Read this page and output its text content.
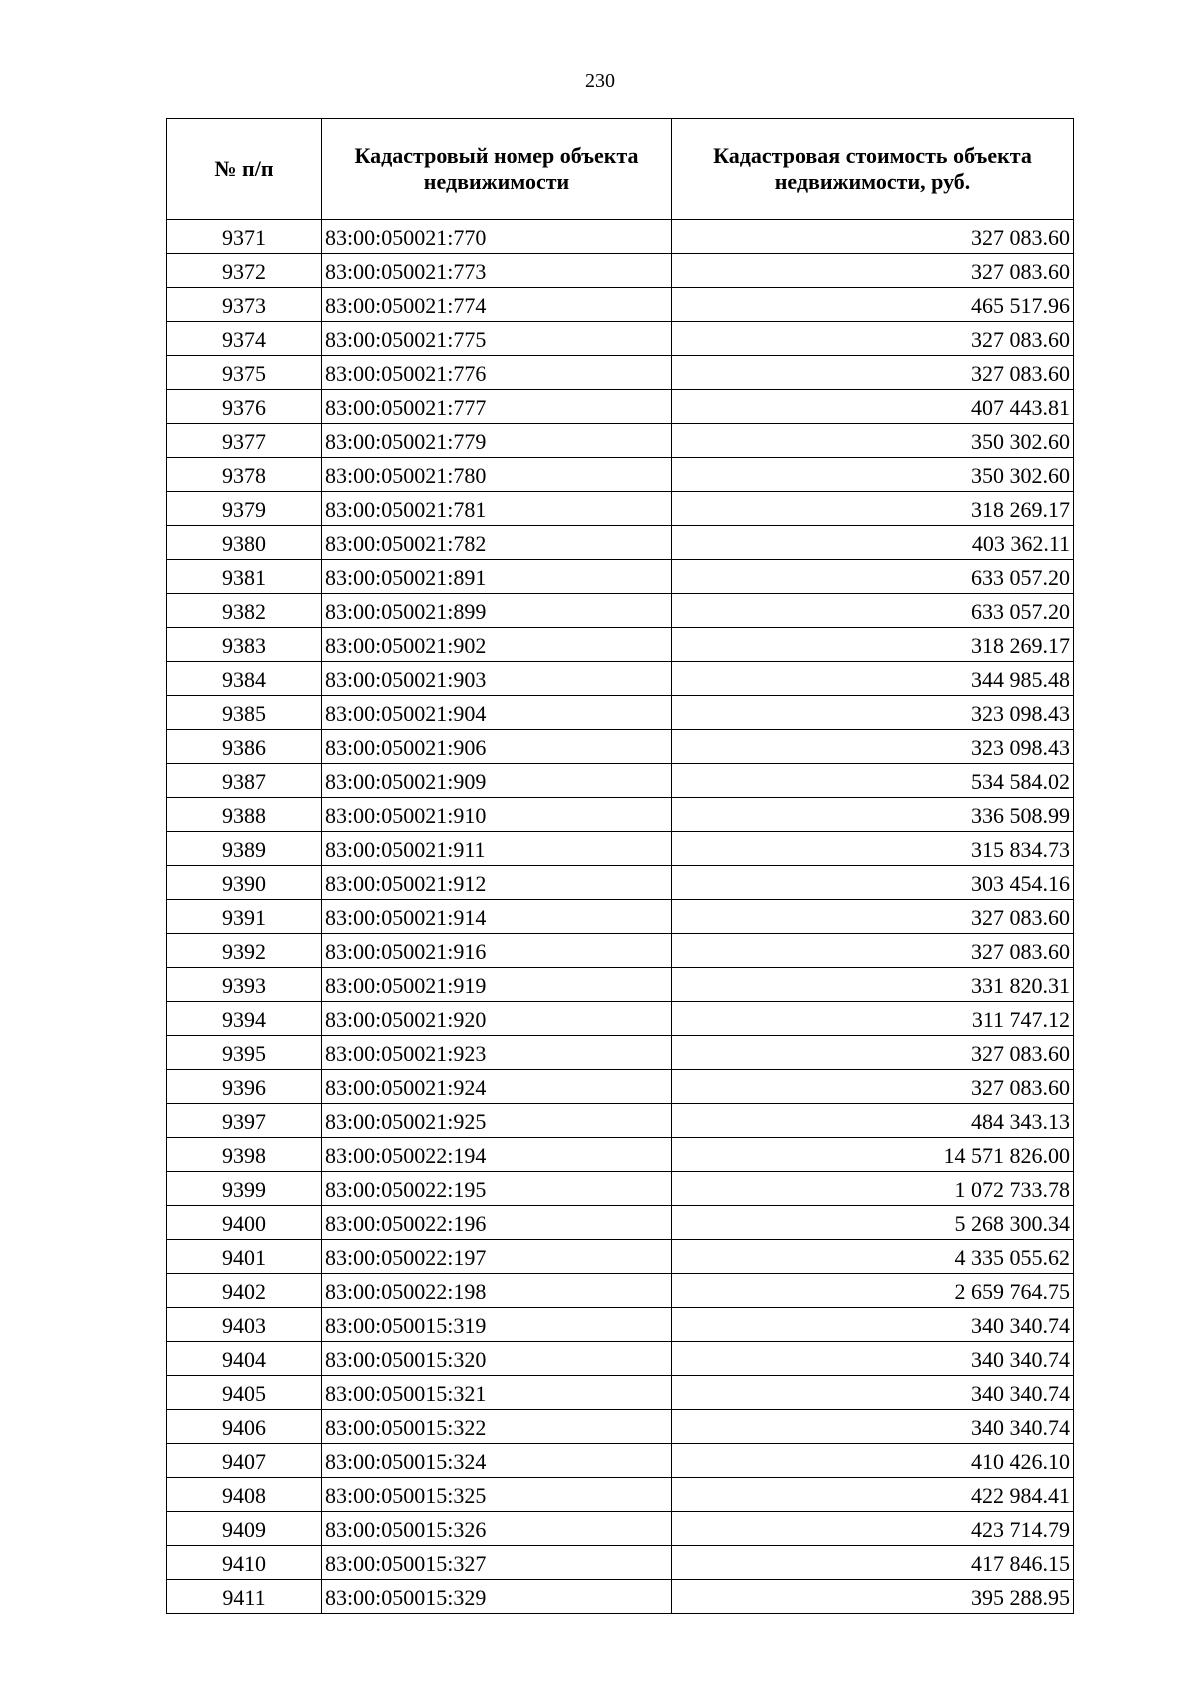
230
№ п/п	Кадастровый номер объекта недвижимости	Кадастровая стоимость объекта недвижимости, руб.
9371	83:00:050021:770	327 083.60
9372	83:00:050021:773	327 083.60
9373	83:00:050021:774	465 517.96
9374	83:00:050021:775	327 083.60
9375	83:00:050021:776	327 083.60
9376	83:00:050021:777	407 443.81
9377	83:00:050021:779	350 302.60
9378	83:00:050021:780	350 302.60
9379	83:00:050021:781	318 269.17
9380	83:00:050021:782	403 362.11
9381	83:00:050021:891	633 057.20
9382	83:00:050021:899	633 057.20
9383	83:00:050021:902	318 269.17
9384	83:00:050021:903	344 985.48
9385	83:00:050021:904	323 098.43
9386	83:00:050021:906	323 098.43
9387	83:00:050021:909	534 584.02
9388	83:00:050021:910	336 508.99
9389	83:00:050021:911	315 834.73
9390	83:00:050021:912	303 454.16
9391	83:00:050021:914	327 083.60
9392	83:00:050021:916	327 083.60
9393	83:00:050021:919	331 820.31
9394	83:00:050021:920	311 747.12
9395	83:00:050021:923	327 083.60
9396	83:00:050021:924	327 083.60
9397	83:00:050021:925	484 343.13
9398	83:00:050022:194	14 571 826.00
9399	83:00:050022:195	1 072 733.78
9400	83:00:050022:196	5 268 300.34
9401	83:00:050022:197	4 335 055.62
9402	83:00:050022:198	2 659 764.75
9403	83:00:050015:319	340 340.74
9404	83:00:050015:320	340 340.74
9405	83:00:050015:321	340 340.74
9406	83:00:050015:322	340 340.74
9407	83:00:050015:324	410 426.10
9408	83:00:050015:325	422 984.41
9409	83:00:050015:326	423 714.79
9410	83:00:050015:327	417 846.15
9411	83:00:050015:329	395 288.95
